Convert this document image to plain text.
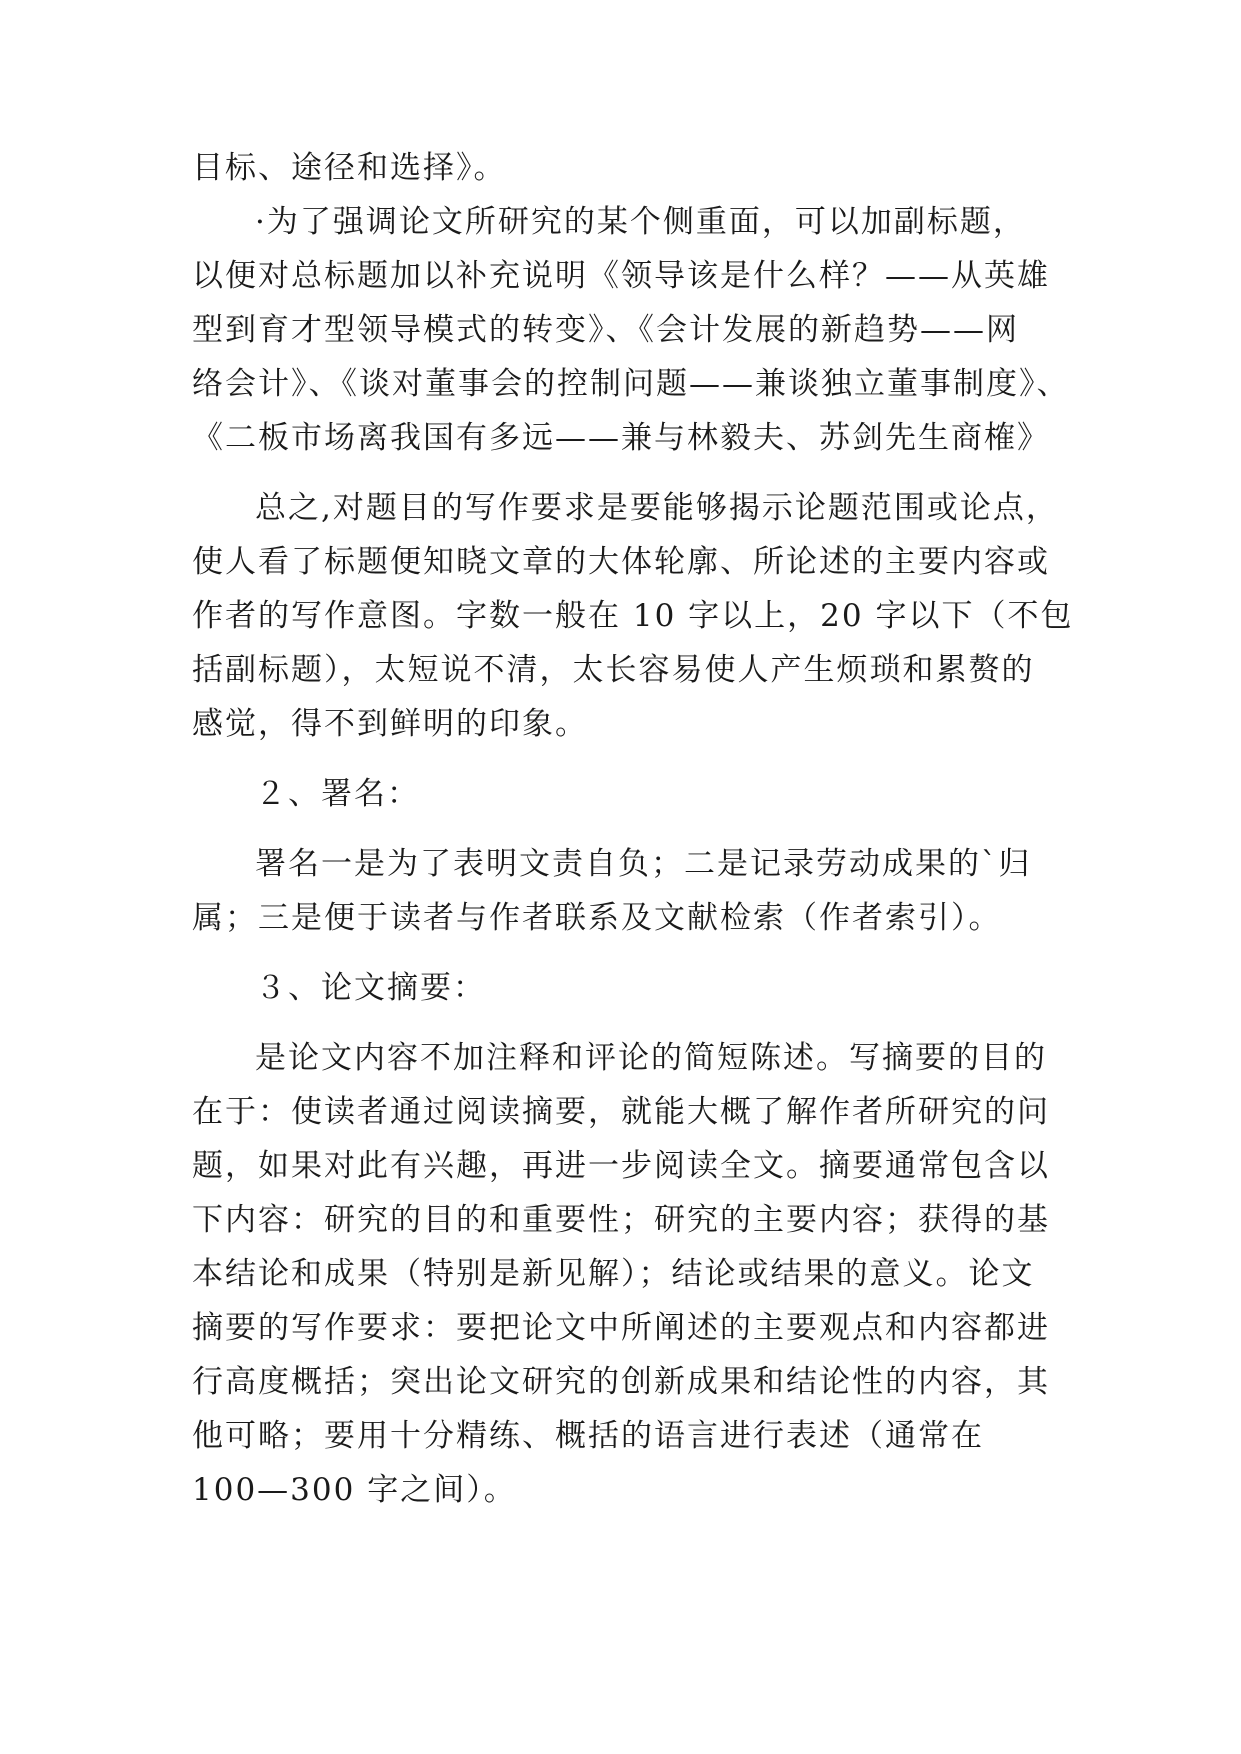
目标、途径和选择》。
·为了强调论文所研究的某个侧重面，可以加副标题，
以便对总标题加以补充说明《领导该是什么样？——从英雄
型到育才型领导模式的转变》、《会计发展的新趋势——网
络会计》、《谈对董事会的控制问题——兼谈独立董事制度》、
《二板市场离我国有多远——兼与林毅夫、苏剑先生商榷》
总之,对题目的写作要求是要能够揭示论题范围或论点，
使人看了标题便知晓文章的大体轮廓、所论述的主要内容或
作者的写作意图。字数一般在 10 字以上，20 字以下（不包
括副标题），太短说不清，太长容易使人产生烦琐和累赘的
感觉，得不到鲜明的印象。
２、署名：
署名一是为了表明文责自负；二是记录劳动成果的`归
属；三是便于读者与作者联系及文献检索（作者索引）。
３、论文摘要：
是论文内容不加注释和评论的简短陈述。写摘要的目的
在于：使读者通过阅读摘要，就能大概了解作者所研究的问
题，如果对此有兴趣，再进一步阅读全文。摘要通常包含以
下内容：研究的目的和重要性；研究的主要内容；获得的基
本结论和成果（特别是新见解）；结论或结果的意义。论文
摘要的写作要求：要把论文中所阐述的主要观点和内容都进
行高度概括；突出论文研究的创新成果和结论性的内容，其
他可略；要用十分精练、概括的语言进行表述（通常在
100—300 字之间）。
